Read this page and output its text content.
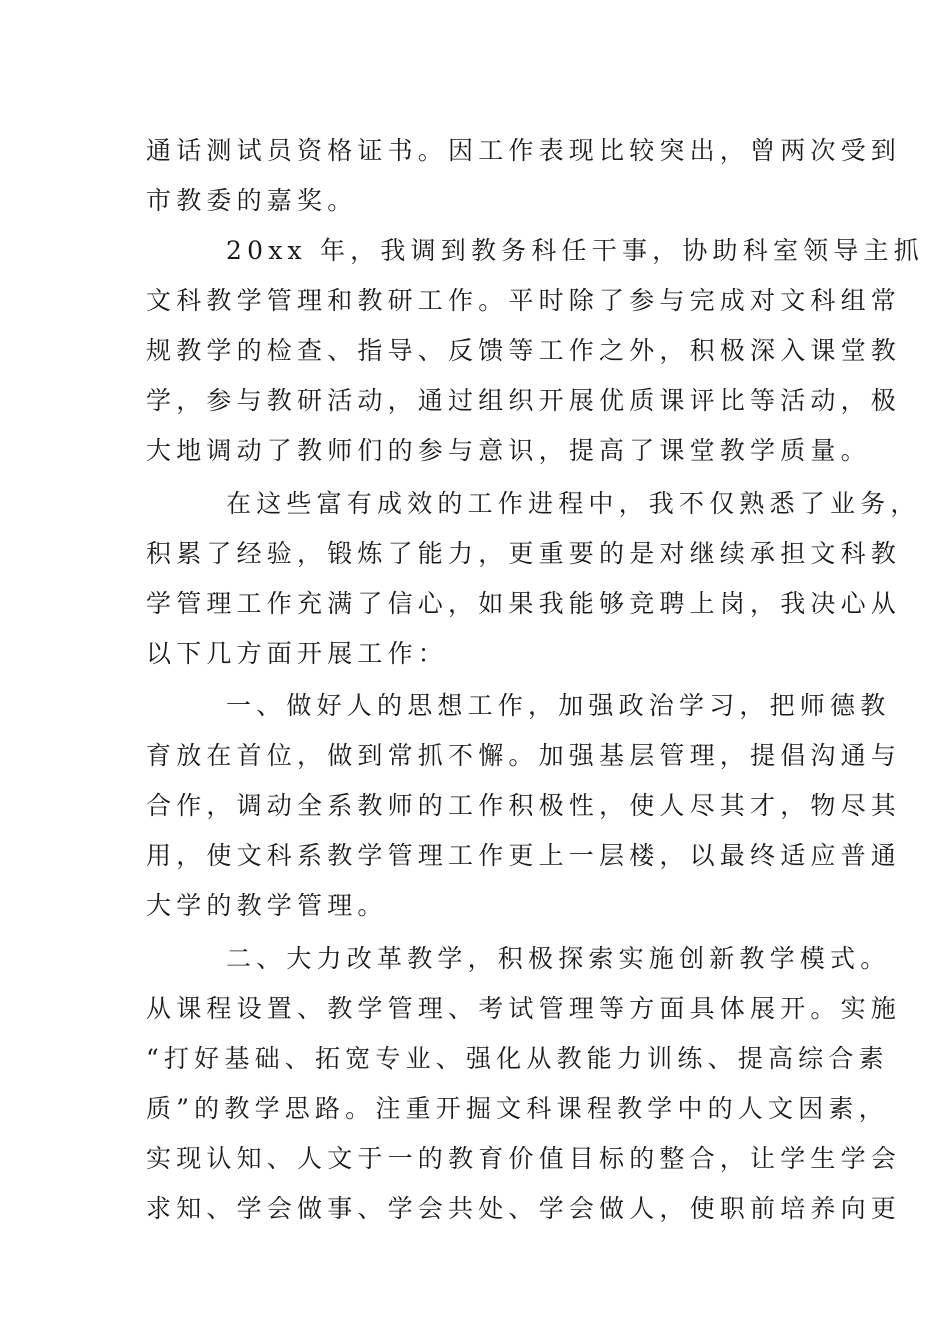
通话测试员资格证书。因工作表现比较突出，曾两次受到
市教委的嘉奖。
20xx 年，我调到教务科任干事，协助科室领导主抓
文科教学管理和教研工作。平时除了参与完成对文科组常
规教学的检查、指导、反馈等工作之外，积极深入课堂教
学，参与教研活动，通过组织开展优质课评比等活动，极
大地调动了教师们的参与意识，提高了课堂教学质量。
在这些富有成效的工作进程中，我不仅熟悉了业务，
积累了经验，锻炼了能力，更重要的是对继续承担文科教
学管理工作充满了信心，如果我能够竞聘上岗，我决心从
以下几方面开展工作：
一、做好人的思想工作，加强政治学习，把师德教
育放在首位，做到常抓不懈。加强基层管理，提倡沟通与
合作，调动全系教师的工作积极性，使人尽其才，物尽其
用，使文科系教学管理工作更上一层楼，以最终适应普通
大学的教学管理。
二、大力改革教学，积极探索实施创新教学模式。
从课程设置、教学管理、考试管理等方面具体展开。实施
“打好基础、拓宽专业、强化从教能力训练、提高综合素
质”的教学思路。注重开掘文科课程教学中的人文因素，
实现认知、人文于一的教育价值目标的整合，让学生学会
求知、学会做事、学会共处、学会做人，使职前培养向更
